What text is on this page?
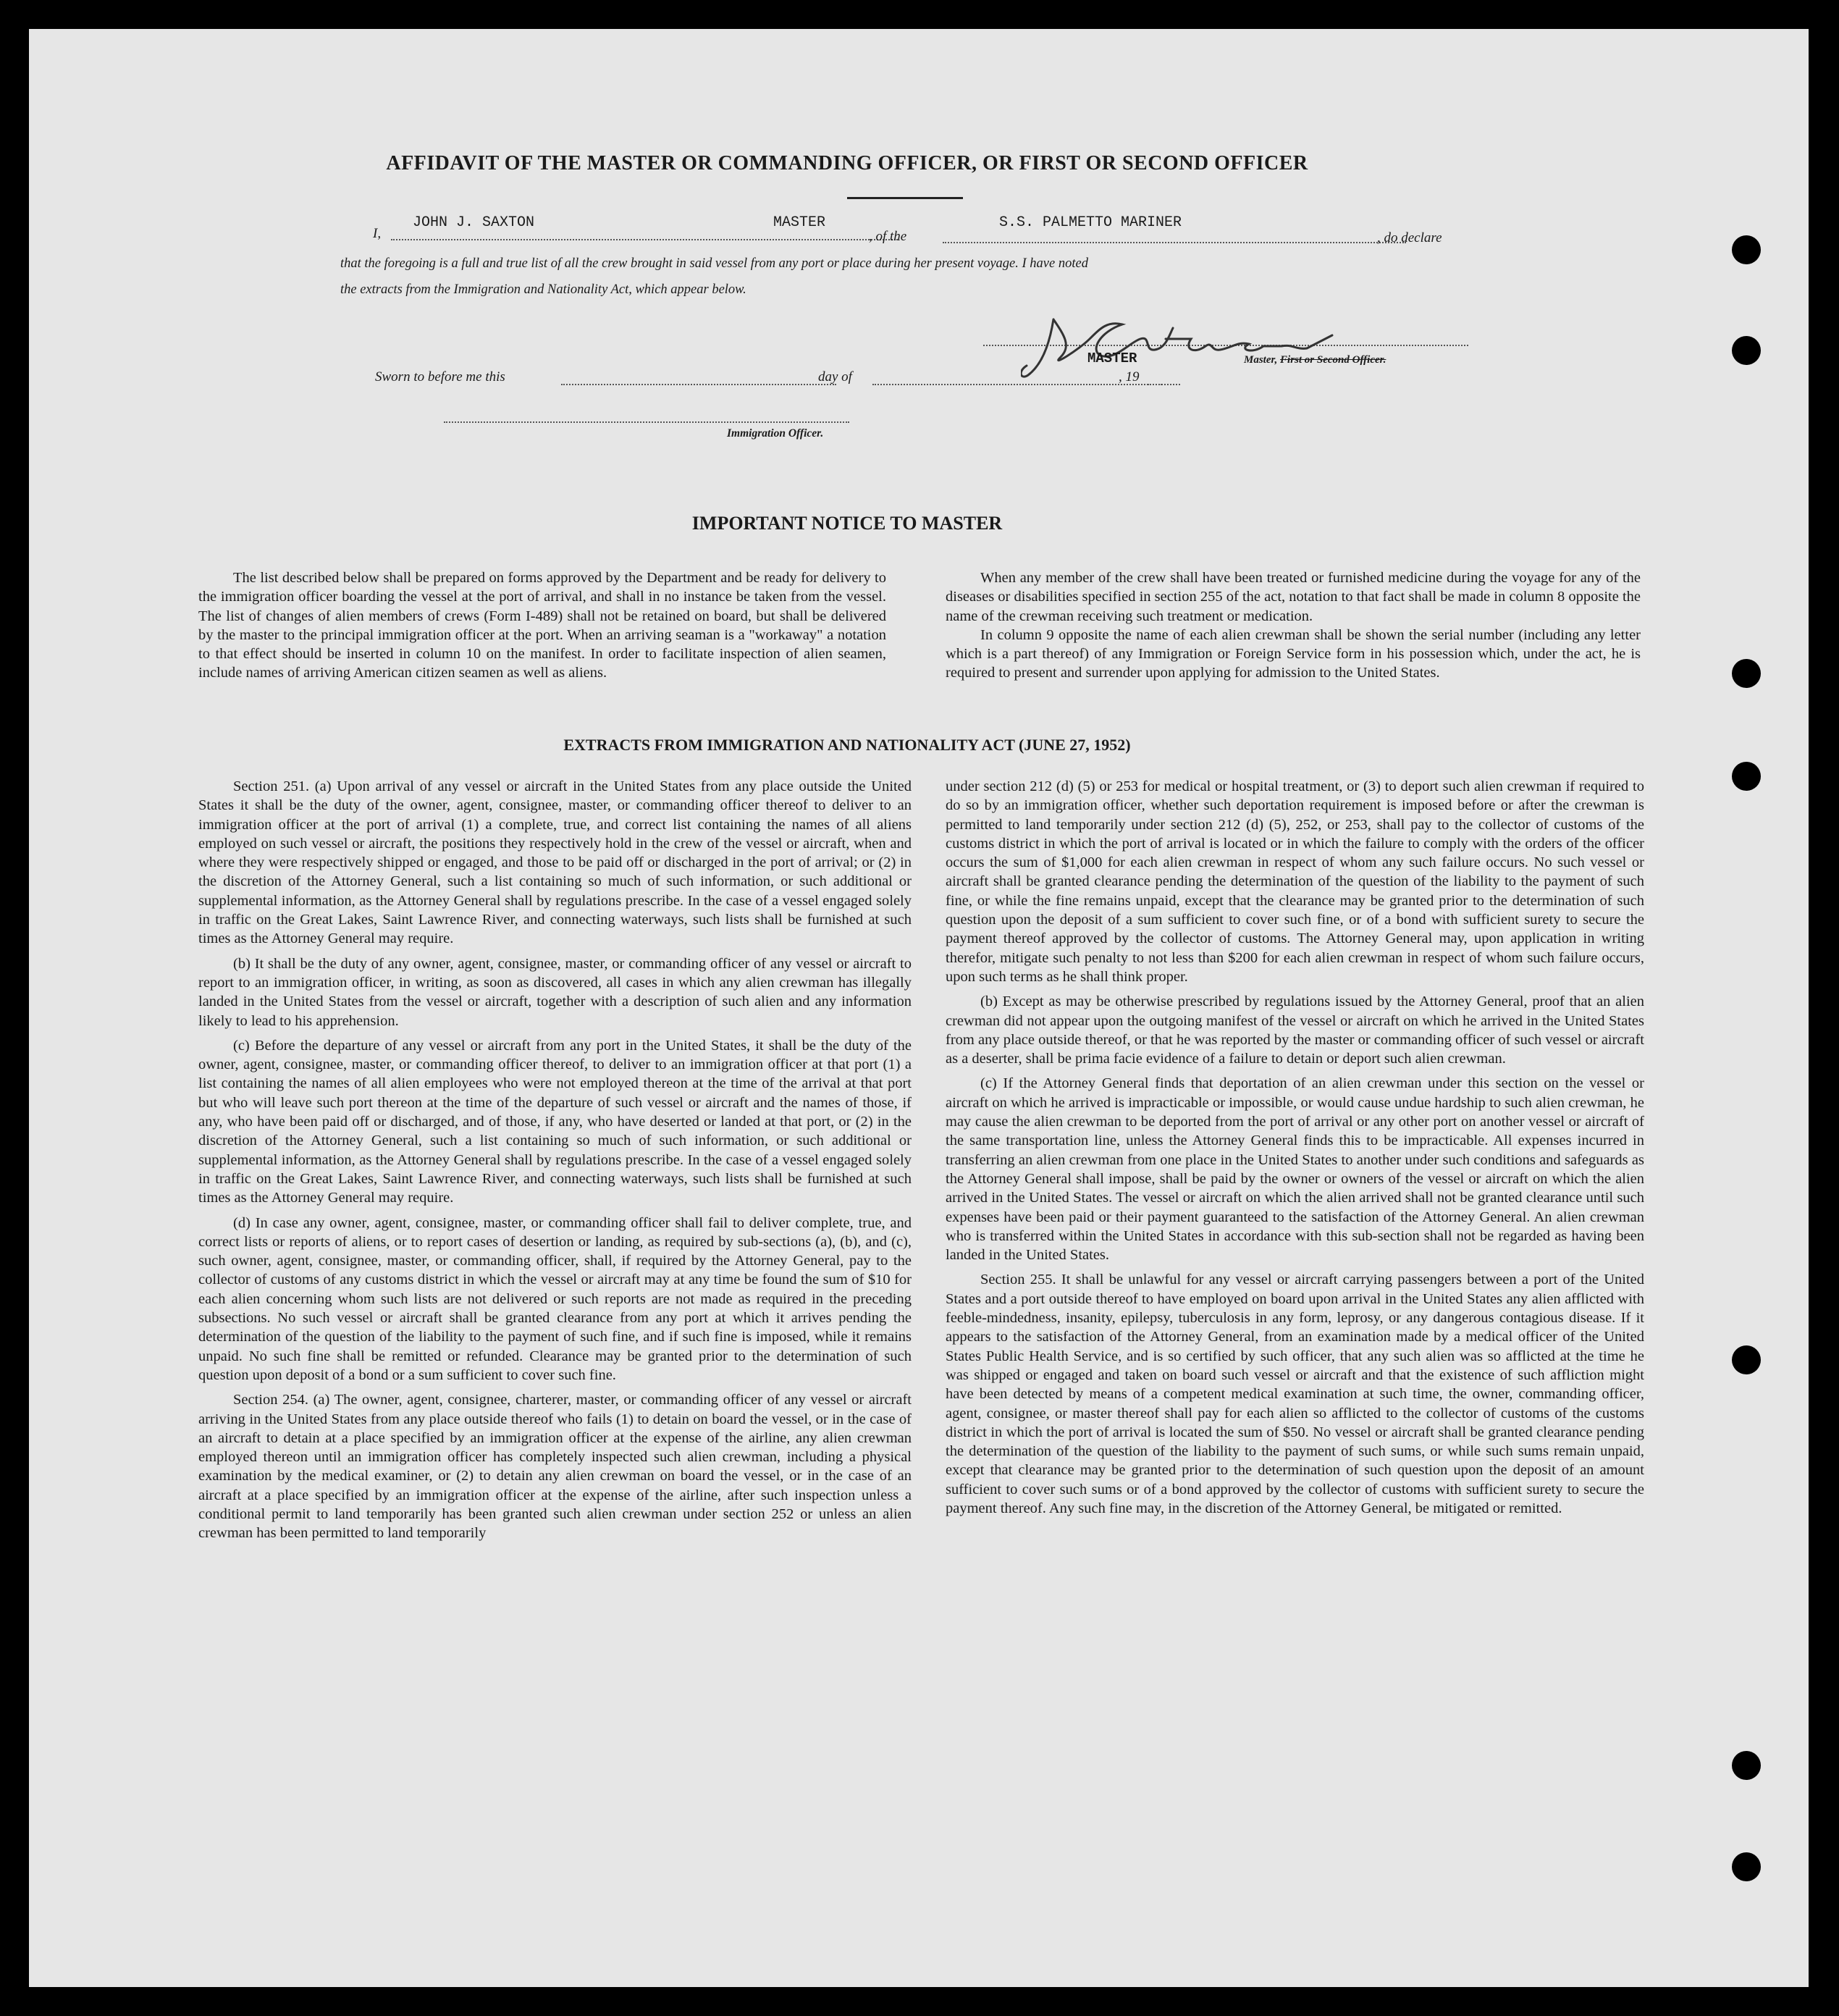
AFFIDAVIT OF THE MASTER OR COMMANDING OFFICER, OR FIRST OR SECOND OFFICER
I,
JOHN J. SAXTON	MASTER
, of the
S.S. PALMETTO MARINER
, do declare
that the foregoing is a full and true list of all the crew brought in said vessel from any port or place during her present voyage. I have noted
the extracts from the Immigration and Nationality Act, which appear below.
MASTER	Master, First or Second Officer.
Sworn to before me this	day of	, 19
Immigration Officer.
IMPORTANT NOTICE TO MASTER

The list described below shall be prepared on forms approved by the Department and be ready for delivery to the immigration officer boarding the vessel at the port of arrival, and shall in no instance be taken from the vessel. The list of changes of alien members of crews (Form I-489) shall not be retained on board, but shall be delivered by the master to the principal immigration officer at the port. When an arriving seaman is a "workaway" a notation to that effect should be inserted in column 10 on the manifest. In order to facilitate inspection of alien seamen, include names of arriving American citizen seamen as well as aliens.

When any member of the crew shall have been treated or furnished medicine during the voyage for any of the diseases or disabilities specified in section 255 of the act, notation to that fact shall be made in column 8 opposite the name of the crewman receiving such treatment or medication.

In column 9 opposite the name of each alien crewman shall be shown the serial number (including any letter which is a part thereof) of any Immigration or Foreign Service form in his possession which, under the act, he is required to present and surrender upon applying for admission to the United States.

EXTRACTS FROM IMMIGRATION AND NATIONALITY ACT (JUNE 27, 1952)

Section 251. (a) Upon arrival of any vessel or aircraft in the United States from any place outside the United States it shall be the duty of the owner, agent, consignee, master, or commanding officer thereof to deliver to an immigration officer at the port of arrival (1) a complete, true, and correct list containing the names of all aliens employed on such vessel or aircraft, the positions they respectively hold in the crew of the vessel or aircraft, when and where they were respectively shipped or engaged, and those to be paid off or discharged in the port of arrival; or (2) in the discretion of the Attorney General, such a list containing so much of such information, or such additional or supplemental information, as the Attorney General shall by regulations prescribe. In the case of a vessel engaged solely in traffic on the Great Lakes, Saint Lawrence River, and connecting waterways, such lists shall be furnished at such times as the Attorney General may require.

(b) It shall be the duty of any owner, agent, consignee, master, or commanding officer of any vessel or aircraft to report to an immigration officer, in writing, as soon as discovered, all cases in which any alien crewman has illegally landed in the United States from the vessel or aircraft, together with a description of such alien and any information likely to lead to his apprehension.

(c) Before the departure of any vessel or aircraft from any port in the United States, it shall be the duty of the owner, agent, consignee, master, or commanding officer thereof, to deliver to an immigration officer at that port (1) a list containing the names of all alien employees who were not employed thereon at the time of the arrival at that port but who will leave such port thereon at the time of the departure of such vessel or aircraft and the names of those, if any, who have been paid off or discharged, and of those, if any, who have deserted or landed at that port, or (2) in the discretion of the Attorney General, such a list containing so much of such information, or such additional or supplemental information, as the Attorney General shall by regulations prescribe. In the case of a vessel engaged solely in traffic on the Great Lakes, Saint Lawrence River, and connecting waterways, such lists shall be furnished at such times as the Attorney General may require.

(d) In case any owner, agent, consignee, master, or commanding officer shall fail to deliver complete, true, and correct lists or reports of aliens, or to report cases of desertion or landing, as required by sub-sections (a), (b), and (c), such owner, agent, consignee, master, or commanding officer, shall, if required by the Attorney General, pay to the collector of customs of any customs district in which the vessel or aircraft may at any time be found the sum of $10 for each alien concerning whom such lists are not delivered or such reports are not made as required in the preceding subsections. No such vessel or aircraft shall be granted clearance from any port at which it arrives pending the determination of the question of the liability to the payment of such fine, and if such fine is imposed, while it remains unpaid. No such fine shall be remitted or refunded. Clearance may be granted prior to the determination of such question upon deposit of a bond or a sum sufficient to cover such fine.

Section 254. (a) The owner, agent, consignee, charterer, master, or commanding officer of any vessel or aircraft arriving in the United States from any place outside thereof who fails (1) to detain on board the vessel, or in the case of an aircraft to detain at a place specified by an immigration officer at the expense of the airline, any alien crewman employed thereon until an immigration officer has completely inspected such alien crewman, including a physical examination by the medical examiner, or (2) to detain any alien crewman on board the vessel, or in the case of an aircraft at a place specified by an immigration officer at the expense of the airline, after such inspection unless a conditional permit to land temporarily has been granted such alien crewman under section 252 or unless an alien crewman has been permitted to land temporarily

under section 212 (d) (5) or 253 for medical or hospital treatment, or (3) to deport such alien crewman if required to do so by an immigration officer, whether such deportation requirement is imposed before or after the crewman is permitted to land temporarily under section 212 (d) (5), 252, or 253, shall pay to the collector of customs of the customs district in which the port of arrival is located or in which the failure to comply with the orders of the officer occurs the sum of $1,000 for each alien crewman in respect of whom any such failure occurs. No such vessel or aircraft shall be granted clearance pending the determination of the question of the liability to the payment of such fine, or while the fine remains unpaid, except that the clearance may be granted prior to the determination of such question upon the deposit of a sum sufficient to cover such fine, or of a bond with sufficient surety to secure the payment thereof approved by the collector of customs. The Attorney General may, upon application in writing therefor, mitigate such penalty to not less than $200 for each alien crewman in respect of whom such failure occurs, upon such terms as he shall think proper.

(b) Except as may be otherwise prescribed by regulations issued by the Attorney General, proof that an alien crewman did not appear upon the outgoing manifest of the vessel or aircraft on which he arrived in the United States from any place outside thereof, or that he was reported by the master or commanding officer of such vessel or aircraft as a deserter, shall be prima facie evidence of a failure to detain or deport such alien crewman.

(c) If the Attorney General finds that deportation of an alien crewman under this section on the vessel or aircraft on which he arrived is impracticable or impossible, or would cause undue hardship to such alien crewman, he may cause the alien crewman to be deported from the port of arrival or any other port on another vessel or aircraft of the same transportation line, unless the Attorney General finds this to be impracticable. All expenses incurred in transferring an alien crewman from one place in the United States to another under such conditions and safeguards as the Attorney General shall impose, shall be paid by the owner or owners of the vessel or aircraft on which the alien arrived in the United States. The vessel or aircraft on which the alien arrived shall not be granted clearance until such expenses have been paid or their payment guaranteed to the satisfaction of the Attorney General. An alien crewman who is transferred within the United States in accordance with this sub-section shall not be regarded as having been landed in the United States.

Section 255. It shall be unlawful for any vessel or aircraft carrying passengers between a port of the United States and a port outside thereof to have employed on board upon arrival in the United States any alien afflicted with feeble-mindedness, insanity, epilepsy, tuberculosis in any form, leprosy, or any dangerous contagious disease. If it appears to the satisfaction of the Attorney General, from an examination made by a medical officer of the United States Public Health Service, and is so certified by such officer, that any such alien was so afflicted at the time he was shipped or engaged and taken on board such vessel or aircraft and that the existence of such affliction might have been detected by means of a competent medical examination at such time, the owner, commanding officer, agent, consignee, or master thereof shall pay for each alien so afflicted to the collector of customs of the customs district in which the port of arrival is located the sum of $50. No vessel or aircraft shall be granted clearance pending the determination of the question of the liability to the payment of such sums, or while such sums remain unpaid, except that clearance may be granted prior to the determination of such question upon the deposit of an amount sufficient to cover such sums or of a bond approved by the collector of customs with sufficient surety to secure the payment thereof. Any such fine may, in the discretion of the Attorney General, be mitigated or remitted.
